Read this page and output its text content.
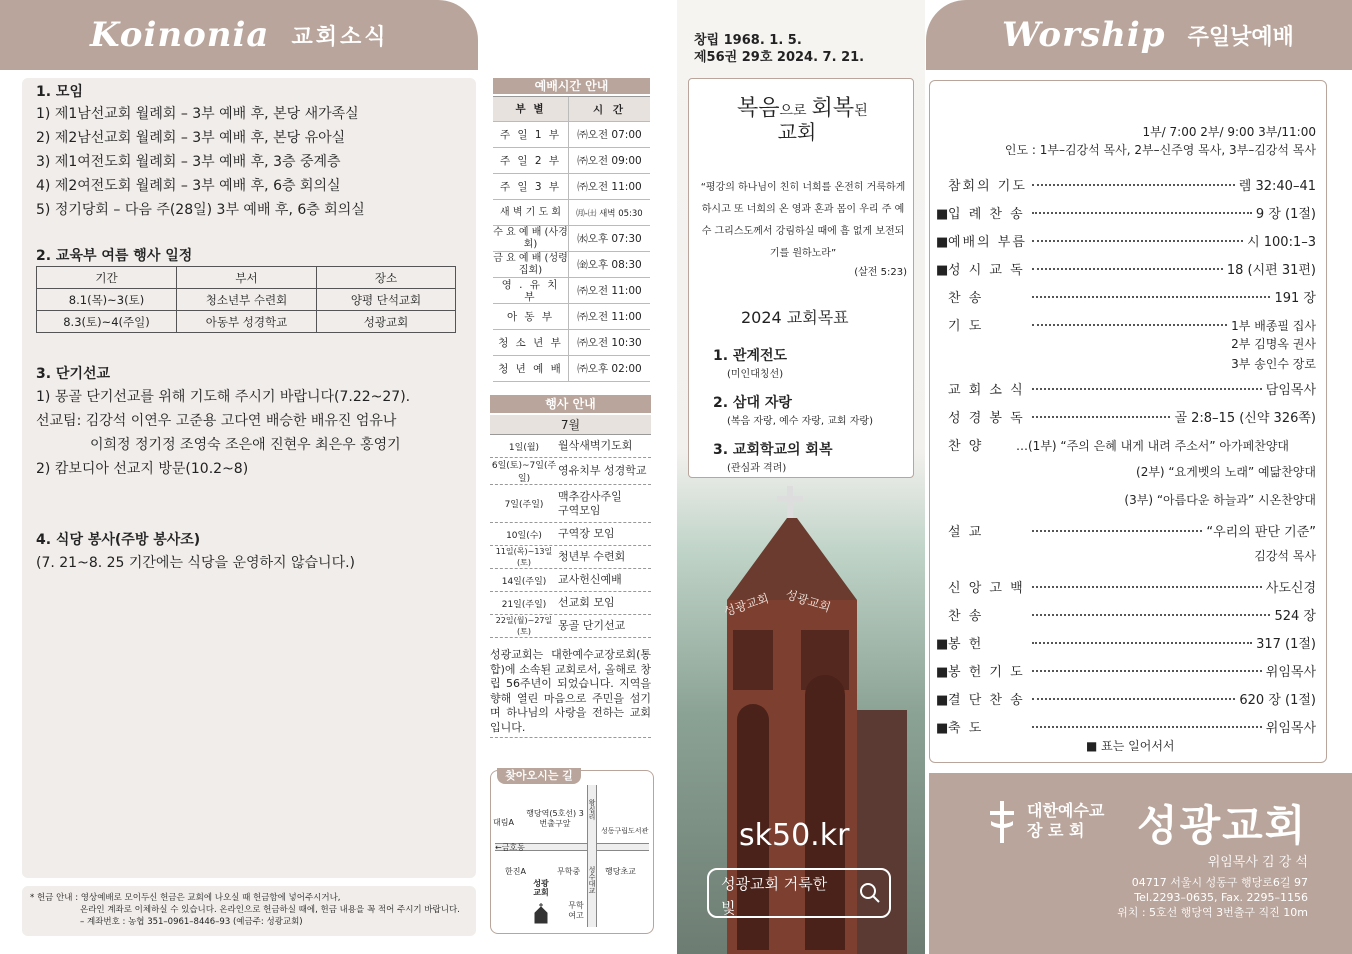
Koinonia 교회소식
1. 모임
1) 제1남선교회 월례회 – 3부 예배 후, 본당 새가족실
2) 제2남선교회 월례회 – 3부 예배 후, 본당 유아실
3) 제1여전도회 월례회 – 3부 예배 후, 3층 중계층
4) 제2여전도회 월례회 – 3부 예배 후, 6층 회의실
5) 정기당회 – 다음 주(28일) 3부 예배 후, 6층 회의실
2. 교육부 여름 행사 일정
기간	부서	장소
8.1(목)~3(토)	청소년부 수련회	양평 단석교회
8.3(토)~4(주일)	아동부 성경학교	성광교회
3. 단기선교
1) 몽골 단기선교를 위해 기도해 주시기 바랍니다(7.22~27).
선교팀: 김강석 이연우 고준용 고다연 배승한 배유진 엄유나
이희정 정기정 조영숙 조은애 진현우 최은우 홍영기
2) 캄보디아 선교지 방문(10.2~8)
4. 식당 봉사(주방 봉사조)
(7. 21~8. 25 기간에는 식당을 운영하지 않습니다.)
* 헌금 안내 : 영상예배로 모이두신 헌금은 교회에 나오실 때 헌금함에 넣어주시거나,
온라인 계좌로 이체하실 수 있습니다. 온라인으로 헌금하실 때에, 헌금 내용을 꼭 적어 주시기 바랍니다.
– 계좌번호 : 농협 351–0961–8446–93 (예금주: 성광교회)
예배시간 안내
부 별	시 간
주 일 1 부	㈜오전 07:00
주 일 2 부	㈜오전 09:00
주 일 3 부	㈜오전 11:00
새 벽 기 도 회	㈪-㈯ 새벽 05:30
수 요 예 배 (사경회)	㈬오후 07:30
금 요 예 배 (성령집회)	㈮오후 08:30
영 . 유 치 부	㈜오전 11:00
아 동 부	㈜오전 11:00
청 소 년 부	㈜오전 10:30
청 년 예 배	㈜오후 02:00
행사 안내
7월
1일(월)	월삭새벽기도회
6일(토)~7일(주일)
영유치부 성경학교
7일(주일)
맥추감사주일 구역모임
10일(수)	구역장 모임
11일(목)~13일(토)	청년부 수련회
14일(주일)	교사헌신예배
21일(주일)	선교회 모임
22일(월)~27일(토)	몽골 단기선교
성광교회는 대한예수교장로회(통합)에 소속된 교회로서, 올해로 창립 56주년이 되었습니다. 지역을 향해 열린 마음으로 주민을 섬기며 하나님의 사랑을 전하는 교회입니다.
찾아오시는 길
대림A
행당역(5호선) 3번출구앞
왕십리
성동구립도서관
←금호동
한진A	무학중	행당초교
성광교회	성수대교
무학여고
성광교회 성광교회
sk50.kr
성광교회 거룩한 빛
창립 1968. 1. 5.
제56권 29호 2024. 7. 21.
복음으로 회복된
교회
“평강의 하나님이 친히 너희를 온전히 거룩하게 하시고 또 너희의 온 영과 혼과 몸이 우리 주 예수 그리스도께서 강림하실 때에 흠 없게 보전되기를 원하노라”
(살전 5:23)
2024 교회목표
1. 관계전도
(미인대칭선)
2. 삼대 자랑
(복음 자랑, 예수 자랑, 교회 자랑)
3. 교회학교의 회복
(관심과 격려)
Worship 주일낮예배
1부/ 7:00 2부/ 9:00 3부/11:00
인도 : 1부–김강석 목사, 2부–신주영 목사, 3부–김강석 목사
참회의 기도	렘 32:40–41
■ 입 례 찬 송	9 장 (1절)
■ 예배의 부름	시 100:1–3
■ 성 시 교 독	18 (시편 31편)
찬 송	191 장
기 도	1부 배종필 집사
2부 김명옥 권사
3부 송인수 장로
교 회 소 식	담임목사
성 경 봉 독	골 2:8–15 (신약 326쪽)
찬 양	…(1부) “주의 은혜 내게 내려 주소서” 아가페찬양대
(2부) “요게벳의 노래” 예닮찬양대
(3부) “아름다운 하늘과” 시온찬양대
설 교	“우리의 판단 기준”
김강석 목사
신 앙 고 백	사도신경
찬 송	524 장
■ 봉 헌	317 (1절)
■ 봉 헌 기 도	위임목사
■ 결 단 찬 송	620 장 (1절)
■ 축 도	위임목사
■ 표는 일어서서
대한예수교
장 로 회	성광교회
위임목사 김 강 석
04717 서울시 성동구 행당로6길 97
Tel.2293–0635, Fax. 2295–1156
위치 : 5호선 행당역 3번출구 직진 10m
